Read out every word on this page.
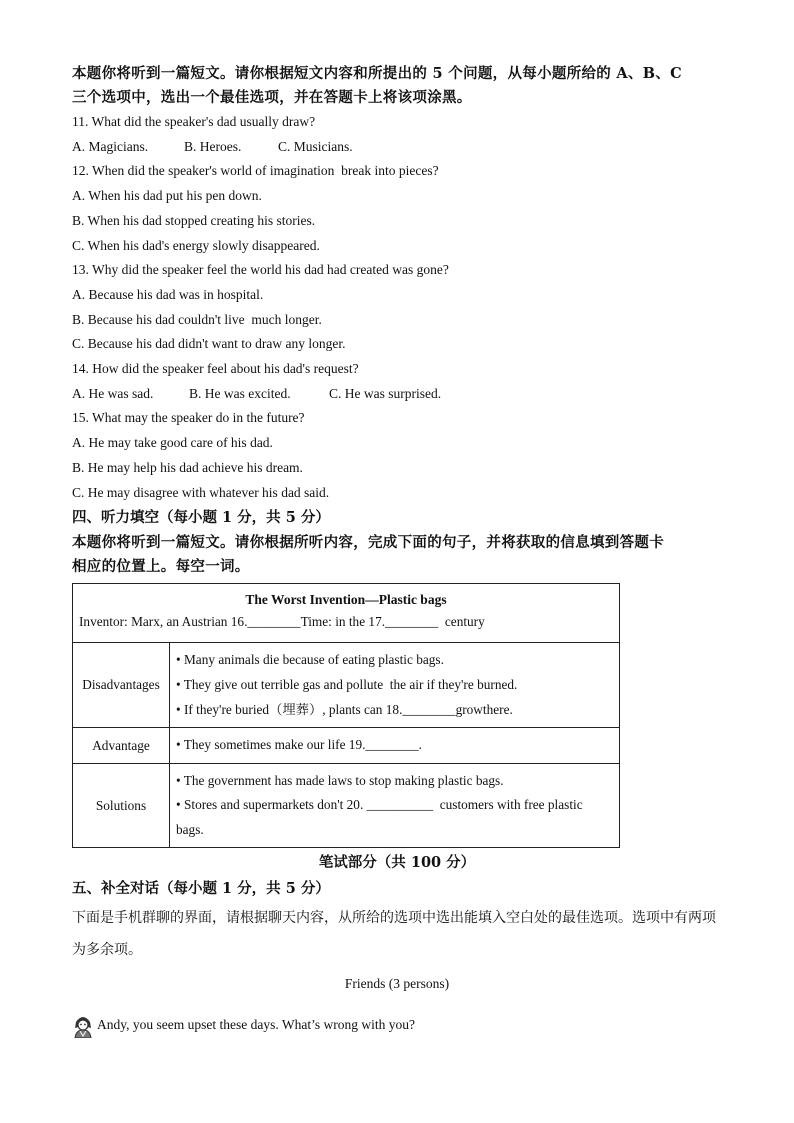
本题你将听到一篇短文。请你根据短文内容和所提出的 5 个问题，从每小题所给的 A、B、C

三个选项中，选出一个最佳选项，并在答题卡上将该项涂黑。

11. What did the speaker's dad usually draw?

A. Magicians.	B. Heroes.	C. Musicians.

12. When did the speaker's world of imagination  break into pieces?

A. When his dad put his pen down.

B. When his dad stopped creating his stories.

C. When his dad's energy slowly disappeared.

13. Why did the speaker feel the world his dad had created was gone?

A. Because his dad was in hospital.

B. Because his dad couldn't live  much longer.

C. Because his dad didn't want to draw any longer.

14. How did the speaker feel about his dad's request?

A. He was sad.	B. He was excited.	C. He was surprised.

15. What may the speaker do in the future?

A. He may take good care of his dad.

B. He may help his dad achieve his dream.

C. He may disagree with whatever his dad said.

四、听力填空（每小题 1 分，共 5 分）

本题你将听到一篇短文。请你根据所听内容，完成下面的句子，并将获取的信息填到答题卡

相应的位置上。每空一词。

The Worst Invention—Plastic bags
Inventor: Marx, an Austrian 16.________Time: in the 17.________  century	

Disadvantages	• Many animals die because of eating plastic bags.
• They give out terrible gas and pollute  the air if they're burned.
• If they're buried（埋葬）, plants can 18.________growthere.

Advantage	• They sometimes make our life 19.________.

Solutions	• The government has made laws to stop making plastic bags.
• Stores and supermarkets don't 20. __________  customers with free plastic
bags.

笔试部分（共 100 分）

五、补全对话（每小题 1 分，共 5 分）

下面是手机群聊的界面，请根据聊天内容，从所给的选项中选出能填入空白处的最佳选项。选项中有两项

为多余项。

Friends (3 persons)
Andy, you seem upset these days. What’s wrong with you?
